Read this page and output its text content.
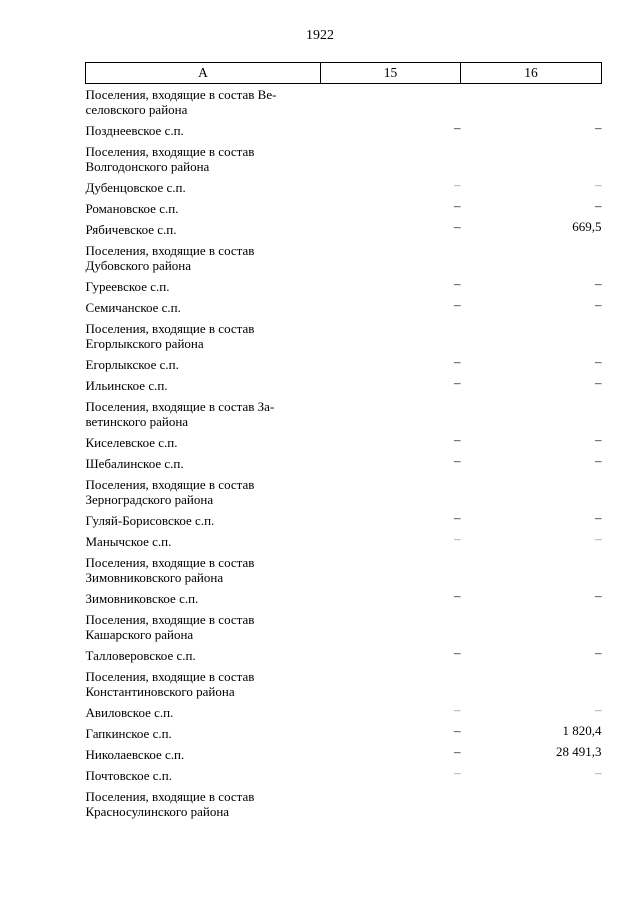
1922
А	15	16
Поселения, входящие в состав Ве-
селовского района		
Позднеевское с.п.	–	–
Поселения, входящие в состав
Волгодонского района		
Дубенцовское с.п.	–	–
Романовское с.п.	–	–
Рябичевское с.п.	–	669,5
Поселения, входящие в состав
Дубовского района		
Гуреевское с.п.	–	–
Семичанское с.п.	–	–
Поселения, входящие в состав
Егорлыкского района		
Егорлыкское с.п.	–	–
Ильинское с.п.	–	–
Поселения, входящие в состав За-
ветинского района		
Киселевское с.п.	–	–
Шебалинское с.п.	–	–
Поселения, входящие в состав
Зерноградского района		
Гуляй-Борисовское с.п.	–	–
Манычское с.п.	–	–
Поселения, входящие в состав
Зимовниковского района		
Зимовниковское с.п.	–	–
Поселения, входящие в состав
Кашарского района		
Талловеровское с.п.	–	–
Поселения, входящие в состав
Константиновского района		
Авиловское с.п.	–	–
Гапкинское с.п.	–	1 820,4
Николаевское с.п.	–	28 491,3
Почтовское с.п.	–	–
Поселения, входящие в состав
Красносулинского района		
